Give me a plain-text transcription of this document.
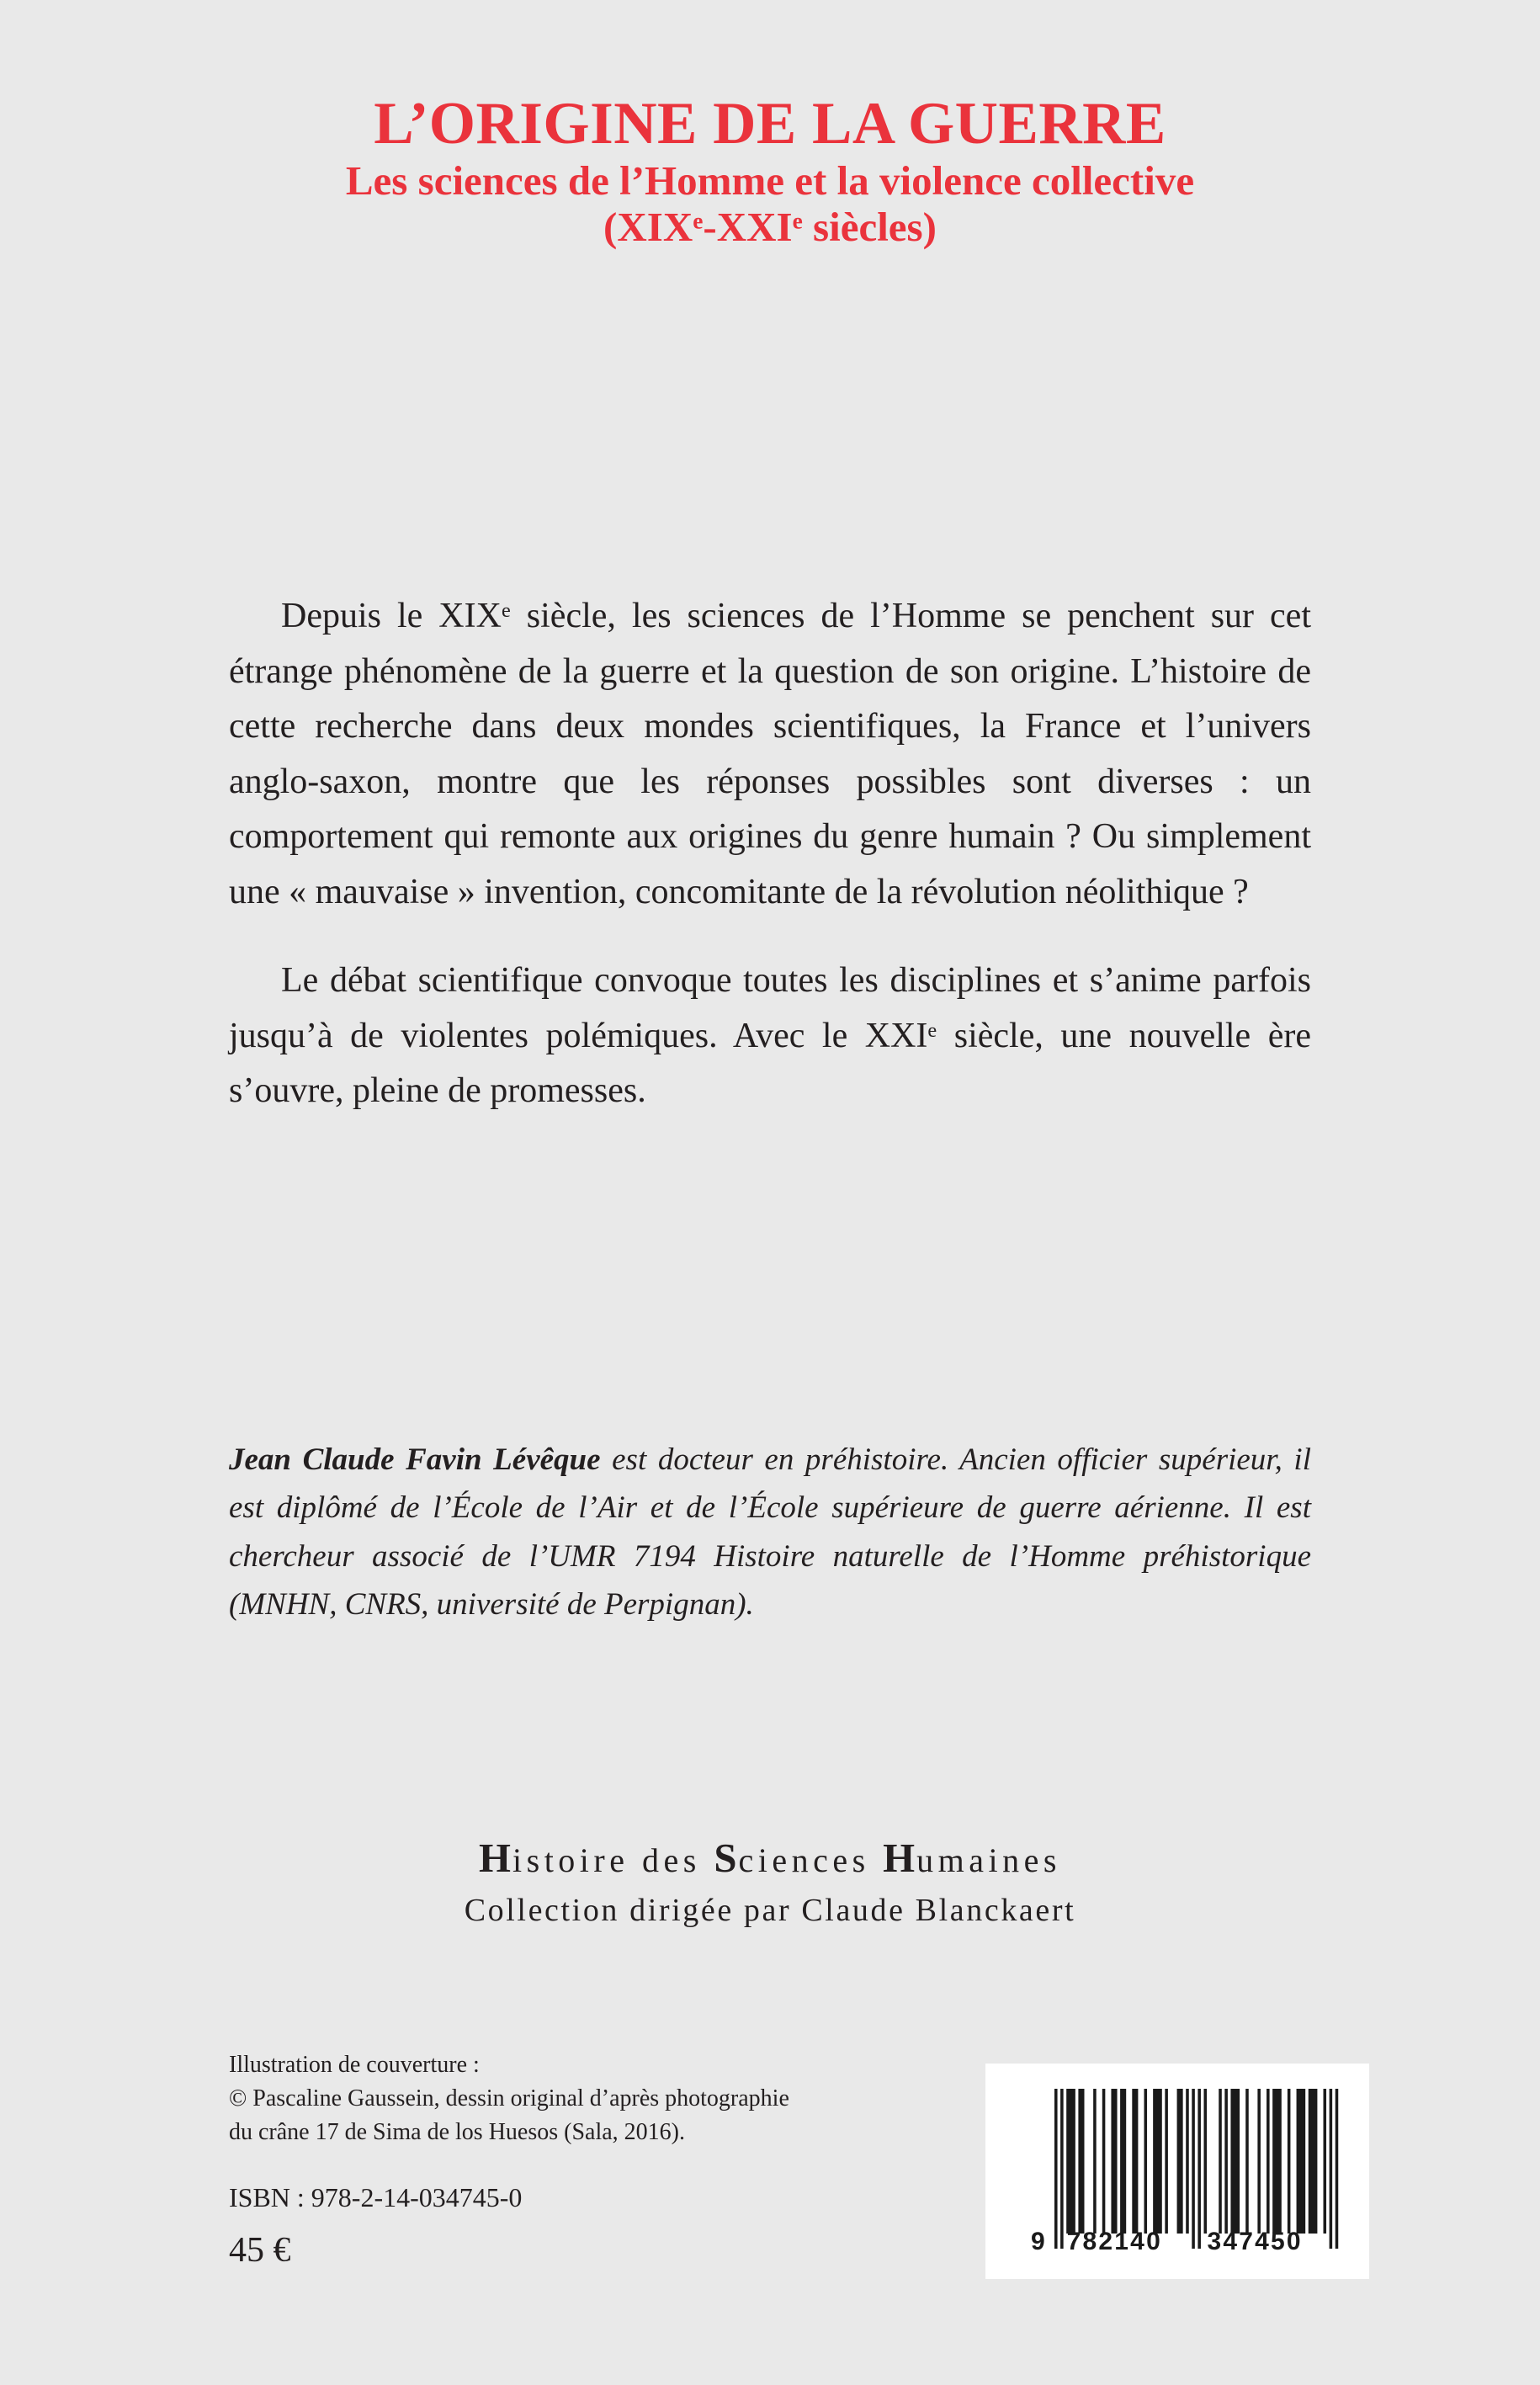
L’ORIGINE DE LA GUERRE
Les sciences de l’Homme et la violence collective
(XIXe-XXIe siècles)

Depuis le XIXe siècle, les sciences de l’Homme se penchent sur cet étrange phénomène de la guerre et la question de son origine. L’histoire de cette recherche dans deux mondes scientifiques, la France et l’univers anglo-saxon, montre que les réponses possibles sont diverses : un comportement qui remonte aux origines du genre humain ? Ou simplement une « mauvaise » invention, concomitante de la révolution néolithique ?

Le débat scientifique convoque toutes les disciplines et s’anime parfois jusqu’à de violentes polémiques. Avec le XXIe siècle, une nouvelle ère s’ouvre, pleine de promesses.

Jean Claude Favin Lévêque est docteur en préhistoire. Ancien officier supérieur, il est diplômé de l’École de l’Air et de l’École supérieure de guerre aérienne. Il est chercheur associé de l’UMR 7194 Histoire naturelle de l’Homme préhistorique (MNHN, CNRS, université de Perpignan).
Histoire des Sciences Humaines
Collection dirigée par Claude Blanckaert

Illustration de couverture :

© Pascaline Gaussein, dessin original d’après photographie

du crâne 17 de Sima de los Huesos (Sala, 2016).

ISBN : 978-2-14-034745-0

45 €	9 782140 347450
